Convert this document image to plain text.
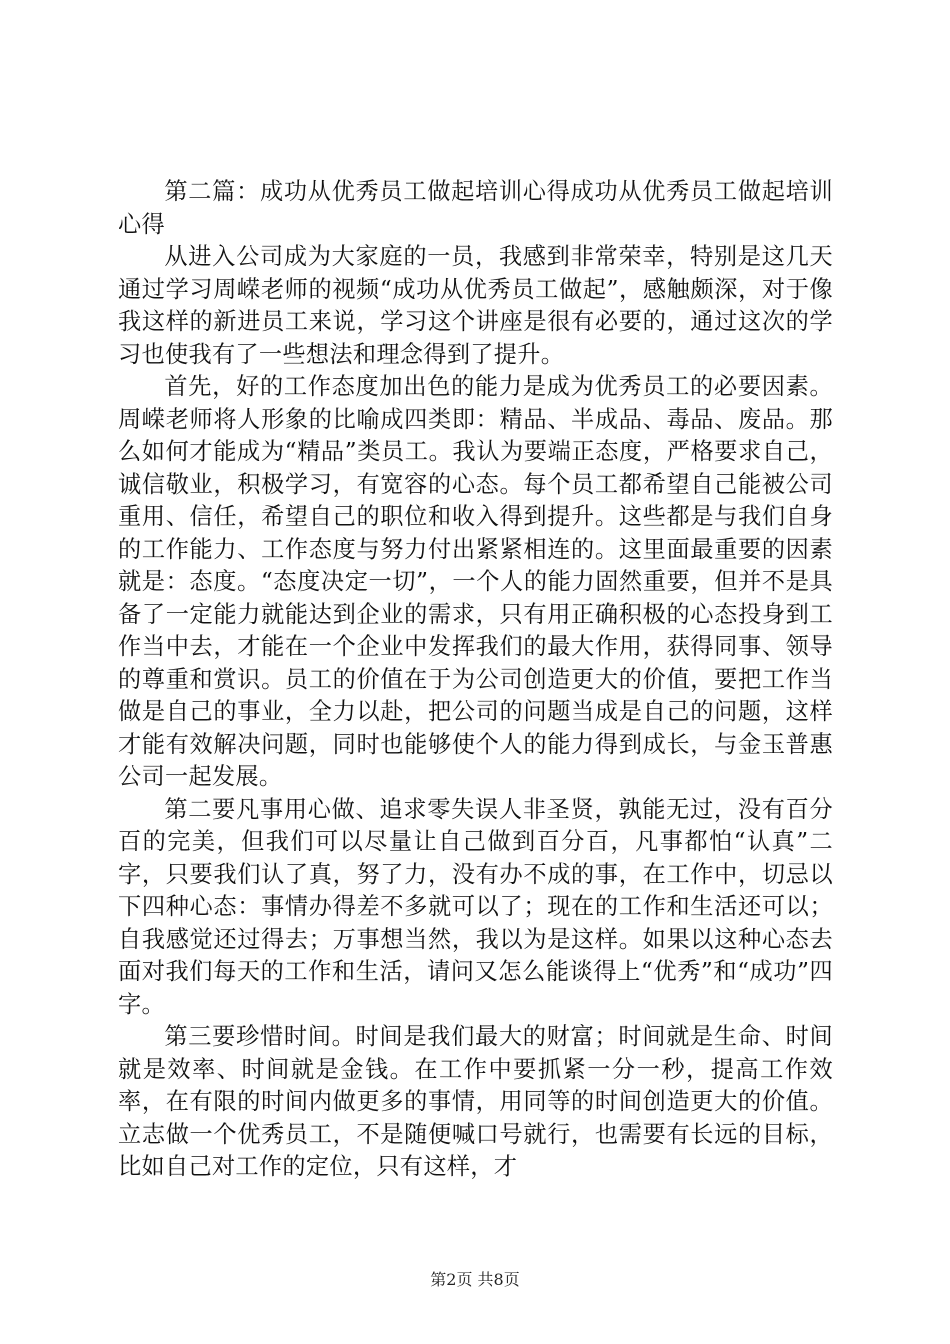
第二篇：成功从优秀员工做起培训心得成功从优秀员工做起培训心得

从进入公司成为大家庭的一员，我感到非常荣幸，特别是这几天通过学习周嵘老师的视频“成功从优秀员工做起”，感触颇深，对于像我这样的新进员工来说，学习这个讲座是很有必要的，通过这次的学习也使我有了一些想法和理念得到了提升。

首先，好的工作态度加出色的能力是成为优秀员工的必要因素。周嵘老师将人形象的比喻成四类即：精品、半成品、毒品、废品。那么如何才能成为“精品”类员工。我认为要端正态度，严格要求自己，诚信敬业，积极学习，有宽容的心态。每个员工都希望自己能被公司重用、信任，希望自己的职位和收入得到提升。这些都是与我们自身的工作能力、工作态度与努力付出紧紧相连的。这里面最重要的因素就是：态度。“态度决定一切”，一个人的能力固然重要，但并不是具备了一定能力就能达到企业的需求，只有用正确积极的心态投身到工作当中去，才能在一个企业中发挥我们的最大作用，获得同事、领导的尊重和赏识。员工的价值在于为公司创造更大的价值，要把工作当做是自己的事业，全力以赴，把公司的问题当成是自己的问题，这样才能有效解决问题，同时也能够使个人的能力得到成长，与金玉普惠公司一起发展。

第二要凡事用心做、追求零失误人非圣贤，孰能无过，没有百分百的完美，但我们可以尽量让自己做到百分百，凡事都怕“认真”二字，只要我们认了真，努了力，没有办不成的事，在工作中，切忌以下四种心态：事情办得差不多就可以了；现在的工作和生活还可以；自我感觉还过得去；万事想当然，我以为是这样。如果以这种心态去面对我们每天的工作和生活，请问又怎么能谈得上“优秀”和“成功”四字。

第三要珍惜时间。时间是我们最大的财富；时间就是生命、时间就是效率、时间就是金钱。在工作中要抓紧一分一秒，提高工作效率，在有限的时间内做更多的事情，用同等的时间创造更大的价值。立志做一个优秀员工，不是随便喊口号就行，也需要有长远的目标，比如自己对工作的定位，只有这样，才

第2页 共8页
